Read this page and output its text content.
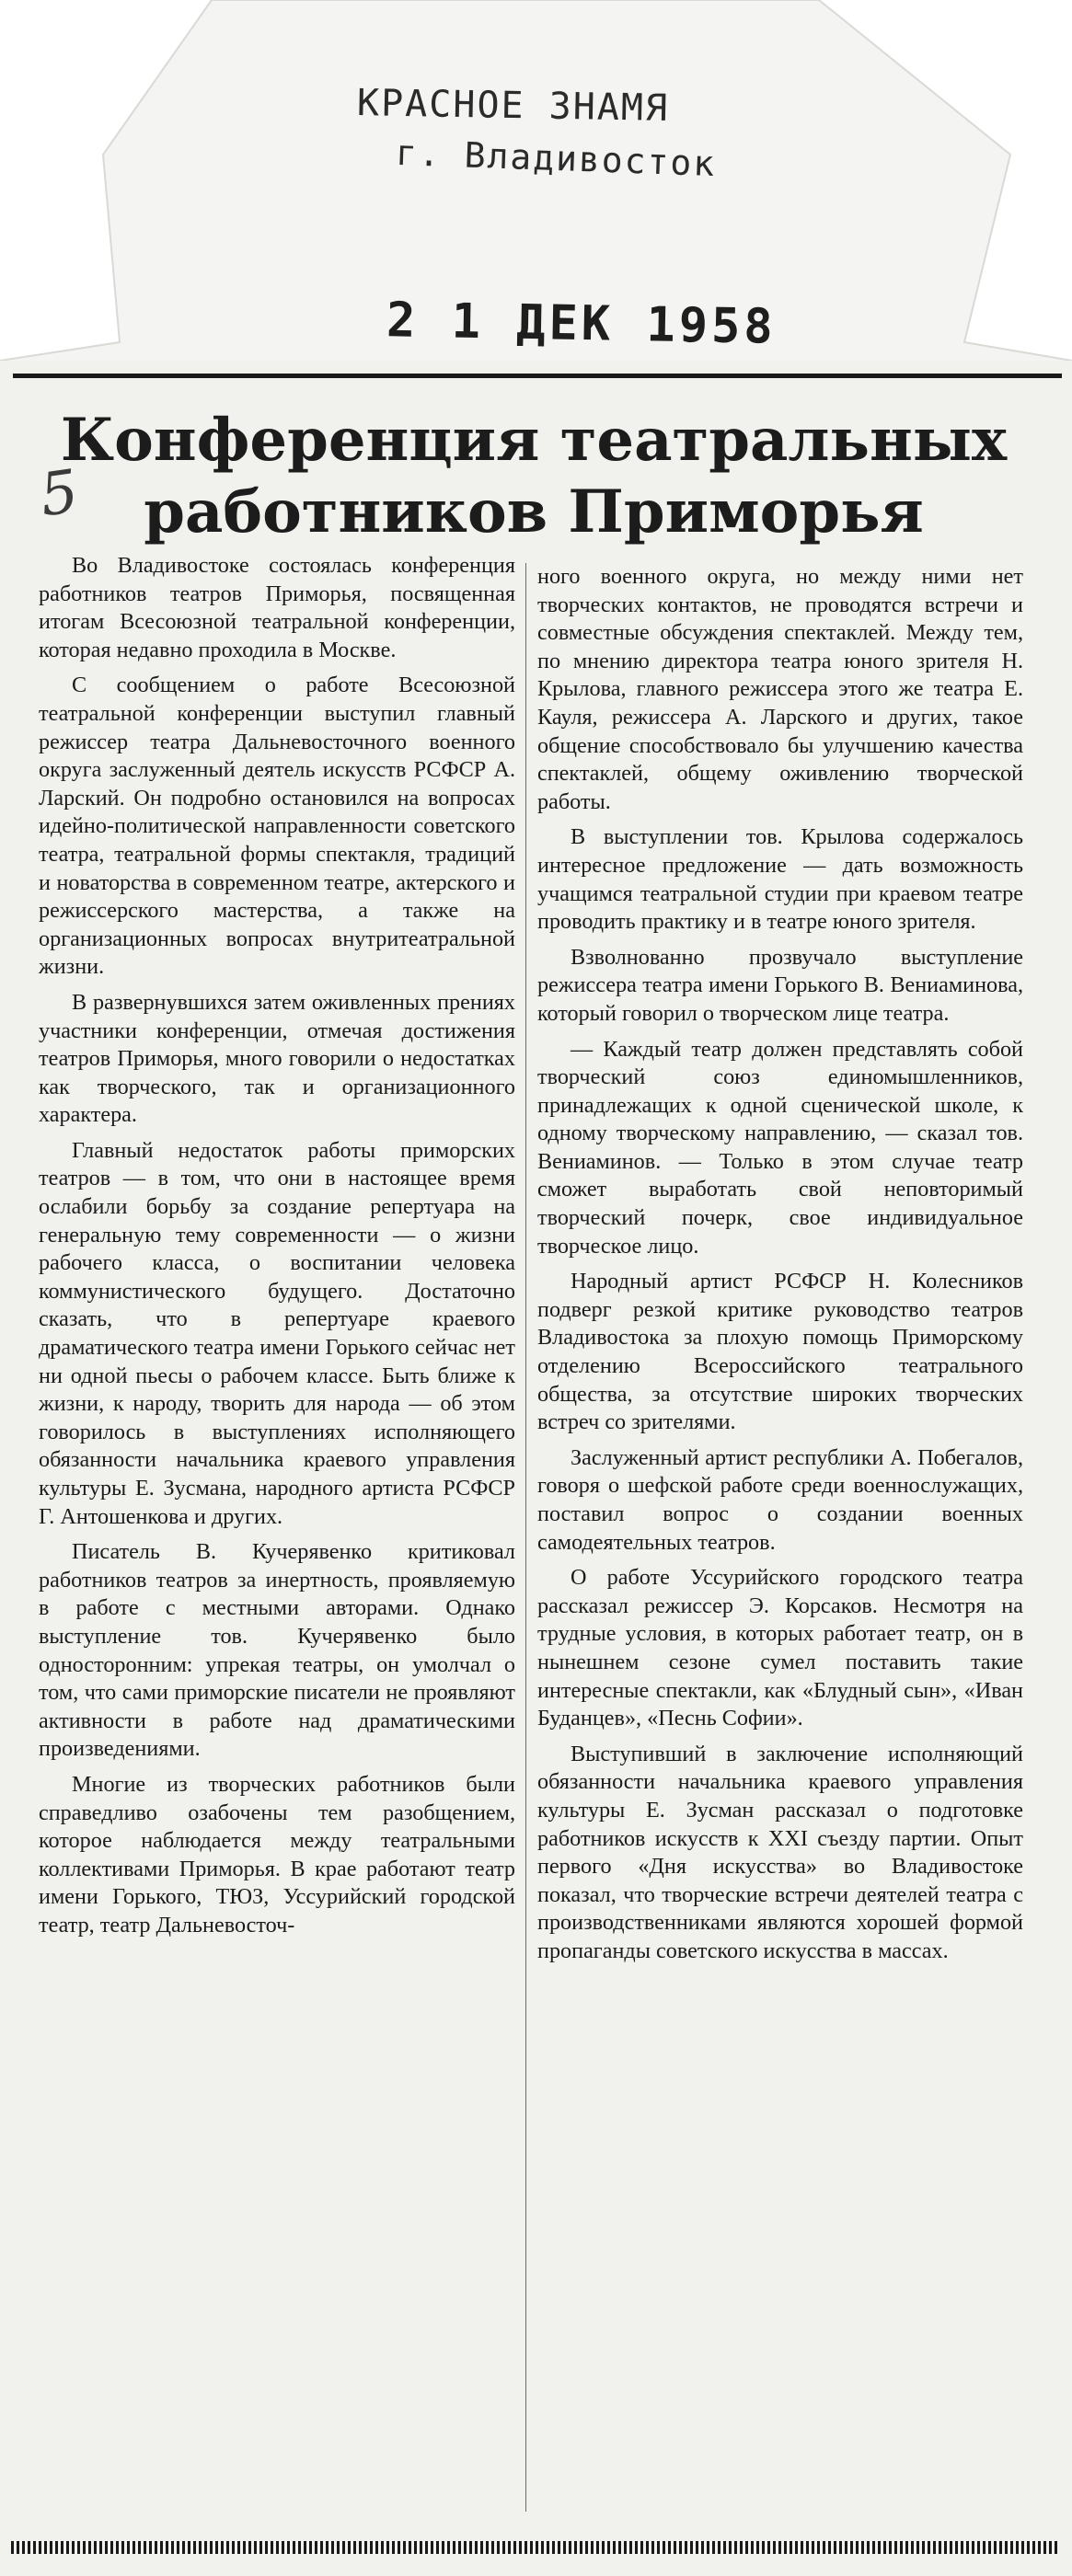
КРАСНОЕ ЗНАМЯ
г. Владивосток
2 1 ДЕК 1958
Конференция театральных работников Приморья
5

Во Владивостоке состоялась конференция работников театров Приморья, посвященная итогам Всесоюзной театральной конференции, которая недавно проходила в Москве.

С сообщением о работе Всесоюзной театральной конференции выступил главный режиссер театра Дальневосточного военного округа заслуженный деятель искусств РСФСР А. Ларский. Он подробно остановился на вопросах идейно-политической направленности советского театра, театральной формы спектакля, традиций и новаторства в современном театре, актерского и режиссерского мастерства, а также на организационных вопросах внутритеатральной жизни.

В развернувшихся затем оживленных прениях участники конференции, отмечая достижения театров Приморья, много говорили о недостатках как творческого, так и организационного характера.

Главный недостаток работы приморских театров — в том, что они в настоящее время ослабили борьбу за создание репертуара на генеральную тему современности — о жизни рабочего класса, о воспитании человека коммунистического будущего. Достаточно сказать, что в репертуаре краевого драматического театра имени Горького сейчас нет ни одной пьесы о рабочем классе. Быть ближе к жизни, к народу, творить для народа — об этом говорилось в выступлениях исполняющего обязанности начальника краевого управления культуры Е. Зусмана, народного артиста РСФСР Г. Антошенкова и других.

Писатель В. Кучерявенко критиковал работников театров за инертность, проявляемую в работе с местными авторами. Однако выступление тов. Кучерявенко было односторонним: упрекая театры, он умолчал о том, что сами приморские писатели не проявляют активности в работе над драматическими произведениями.

Многие из творческих работников были справедливо озабочены тем разобщением, которое наблюдается между театральными коллективами Приморья. В крае работают театр имени Горького, ТЮЗ, Уссурийский городской театр, театр Дальневосточ-

ного военного округа, но между ними нет творческих контактов, не проводятся встречи и совместные обсуждения спектаклей. Между тем, по мнению директора театра юного зрителя Н. Крылова, главного режиссера этого же театра Е. Кауля, режиссера А. Ларского и других, такое общение способствовало бы улучшению качества спектаклей, общему оживлению творческой работы.

В выступлении тов. Крылова содержалось интересное предложение — дать возможность учащимся театральной студии при краевом театре проводить практику и в театре юного зрителя.

Взволнованно прозвучало выступление режиссера театра имени Горького В. Вениаминова, который говорил о творческом лице театра.

— Каждый театр должен представлять собой творческий союз единомышленников, принадлежащих к одной сценической школе, к одному творческому направлению, — сказал тов. Вениаминов. — Только в этом случае театр сможет выработать свой неповторимый творческий почерк, свое индивидуальное творческое лицо.

Народный артист РСФСР Н. Колесников подверг резкой критике руководство театров Владивостока за плохую помощь Приморскому отделению Всероссийского театрального общества, за отсутствие широких творческих встреч со зрителями.

Заслуженный артист республики А. Побегалов, говоря о шефской работе среди военнослужащих, поставил вопрос о создании военных самодеятельных театров.

О работе Уссурийского городского театра рассказал режиссер Э. Корсаков. Несмотря на трудные условия, в которых работает театр, он в нынешнем сезоне сумел поставить такие интересные спектакли, как «Блудный сын», «Иван Буданцев», «Песнь Софии».

Выступивший в заключение исполняющий обязанности начальника краевого управления культуры Е. Зусман рассказал о подготовке работников искусств к XXI съезду партии. Опыт первого «Дня искусства» во Владивостоке показал, что творческие встречи деятелей театра с производственниками являются хорошей формой пропаганды советского искусства в массах.
